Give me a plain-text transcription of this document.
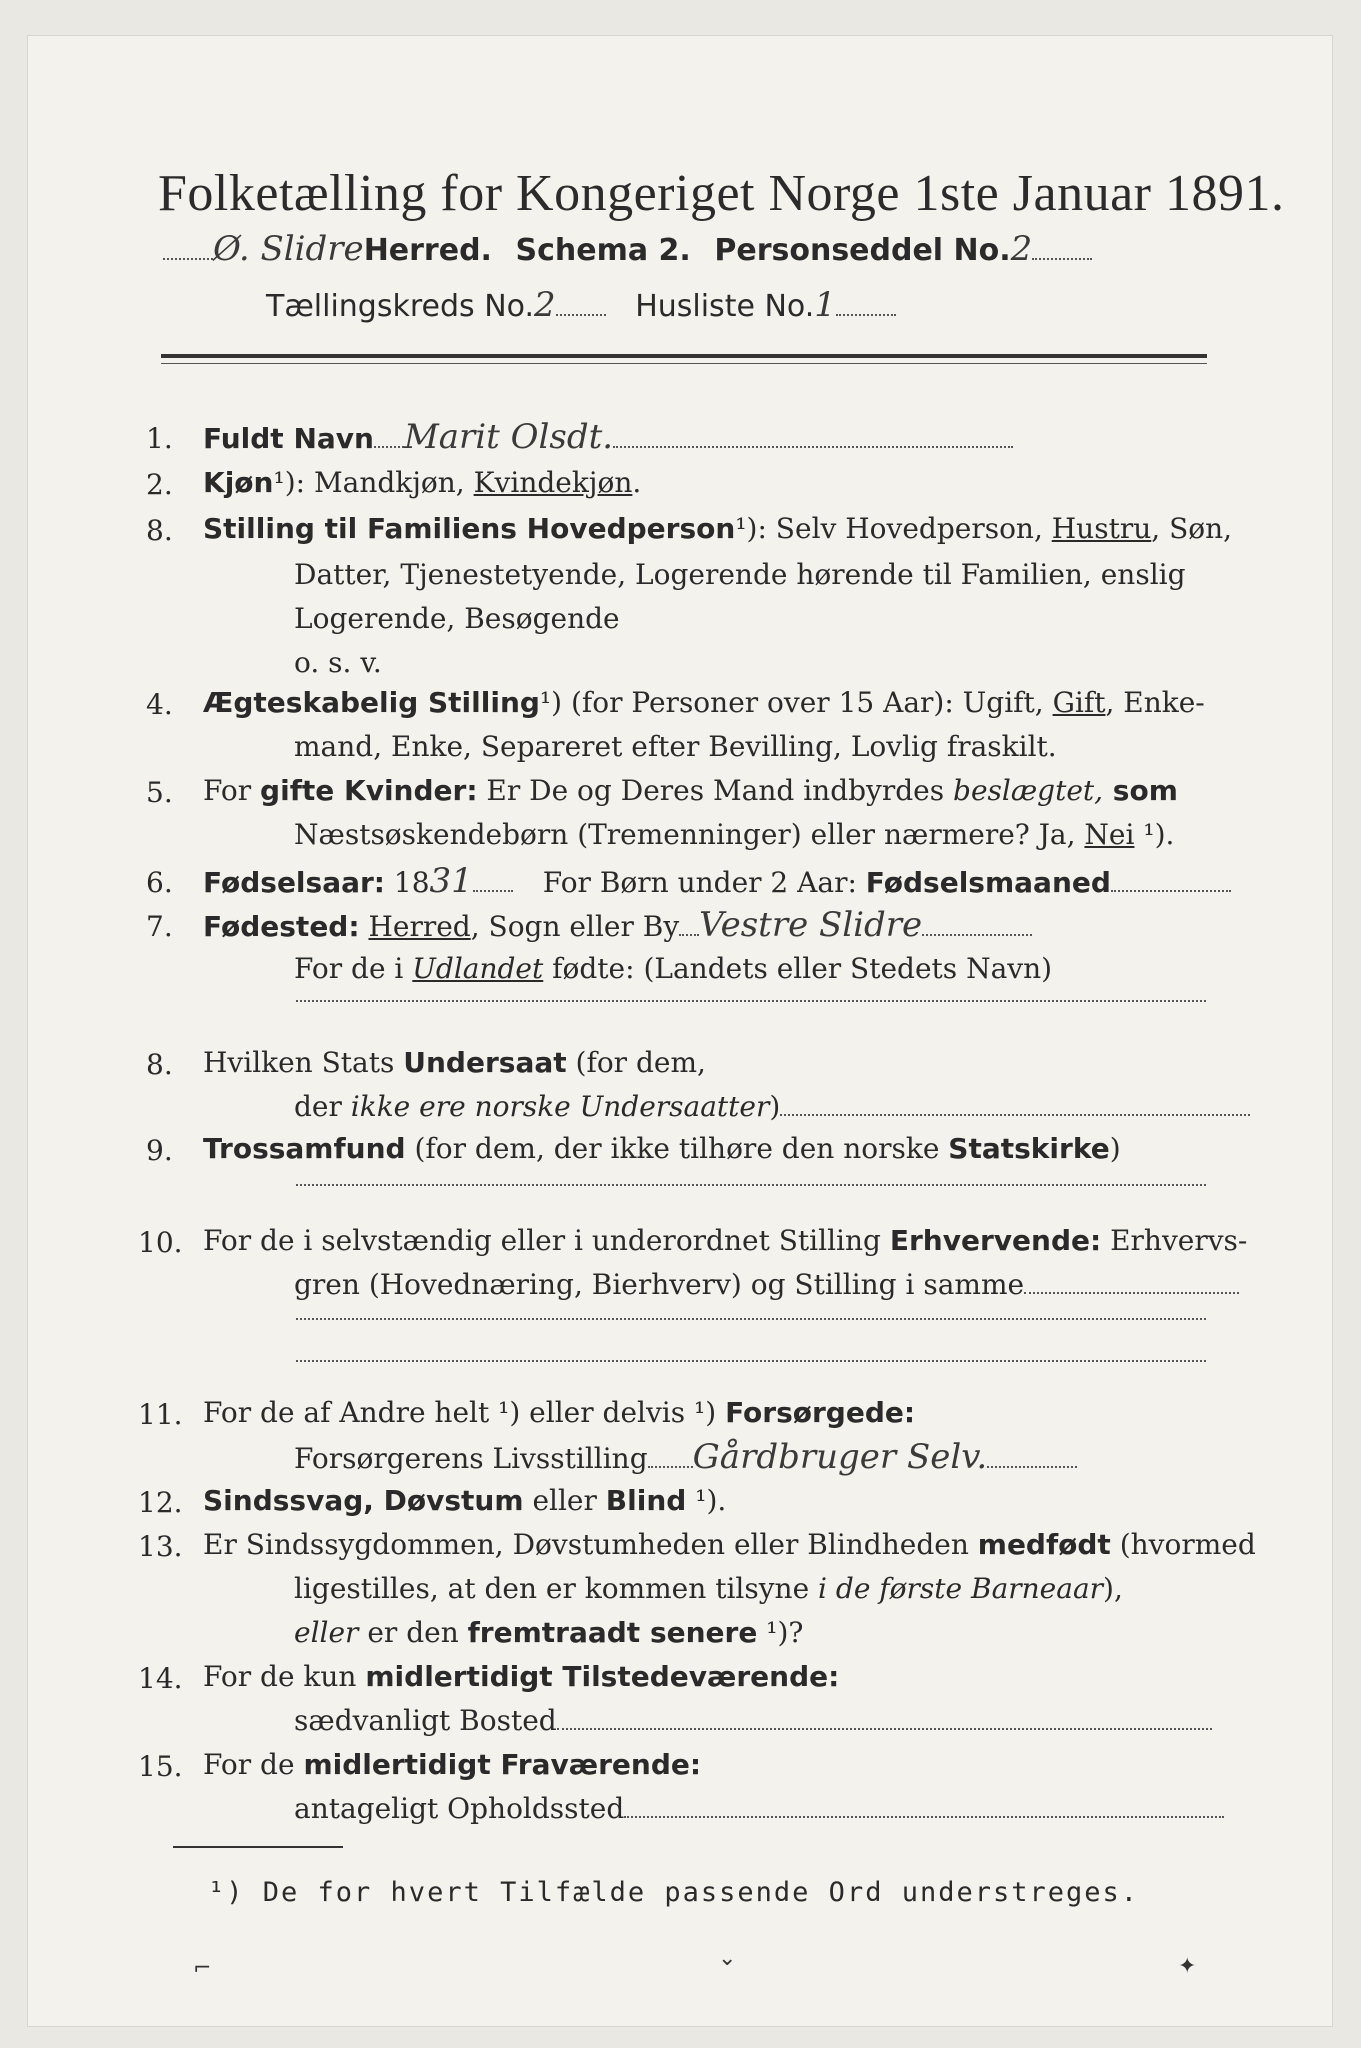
Folketælling for Kongeriget Norge 1ste Januar 1891.
Ø. SlidreHerred. Schema 2. Personseddel No.2
Tællingskreds No.2	Husliste No.1
1.	Fuldt Navn Marit Olsdt.
2.	Kjøn¹): Mandkjøn, Kvindekjøn.
8.	Stilling til Familiens Hovedperson¹): Selv Hovedperson, Hustru, Søn,
Datter, Tjenestetyende, Logerende hørende til Familien, enslig
Logerende, Besøgende
o. s. v.
4.	Ægteskabelig Stilling¹) (for Personer over 15 Aar): Ugift, Gift, Enke-
mand, Enke, Separeret efter Bevilling, Lovlig fraskilt.
5.	For gifte Kvinder: Er De og Deres Mand indbyrdes beslægtet, som
Næstsøskendebørn (Tremenninger) eller nærmere? Ja, Nei ¹).
6.	Fødselsaar: 1831	For Børn under 2 Aar: Fødselsmaaned
7.	Fødested: Herred, Sogn eller By Vestre Slidre
For de i Udlandet fødte: (Landets eller Stedets Navn)
8.	Hvilken Stats Undersaat (for dem,
der ikke ere norske Undersaatter)
9.	Trossamfund (for dem, der ikke tilhøre den norske Statskirke)
10. For de i selvstændig eller i underordnet Stilling Erhvervende: Erhvervs-
gren (Hovednæring, Bierhverv) og Stilling i samme
11. For de af Andre helt ¹) eller delvis ¹) Forsørgede:
Forsørgerens Livsstilling Gårdbruger Selv.
12. Sindssvag, Døvstum eller Blind ¹).
13. Er Sindssygdommen, Døvstumheden eller Blindheden medfødt (hvormed
ligestilles, at den er kommen tilsyne i de første Barneaar),
eller er den fremtraadt senere ¹)?
14. For de kun midlertidigt Tilstedeværende:
sædvanligt Bosted
15. For de midlertidigt Fraværende:
antageligt Opholdssted
¹) De for hvert Tilfælde passende Ord understreges.
⌐	⌄	✦
